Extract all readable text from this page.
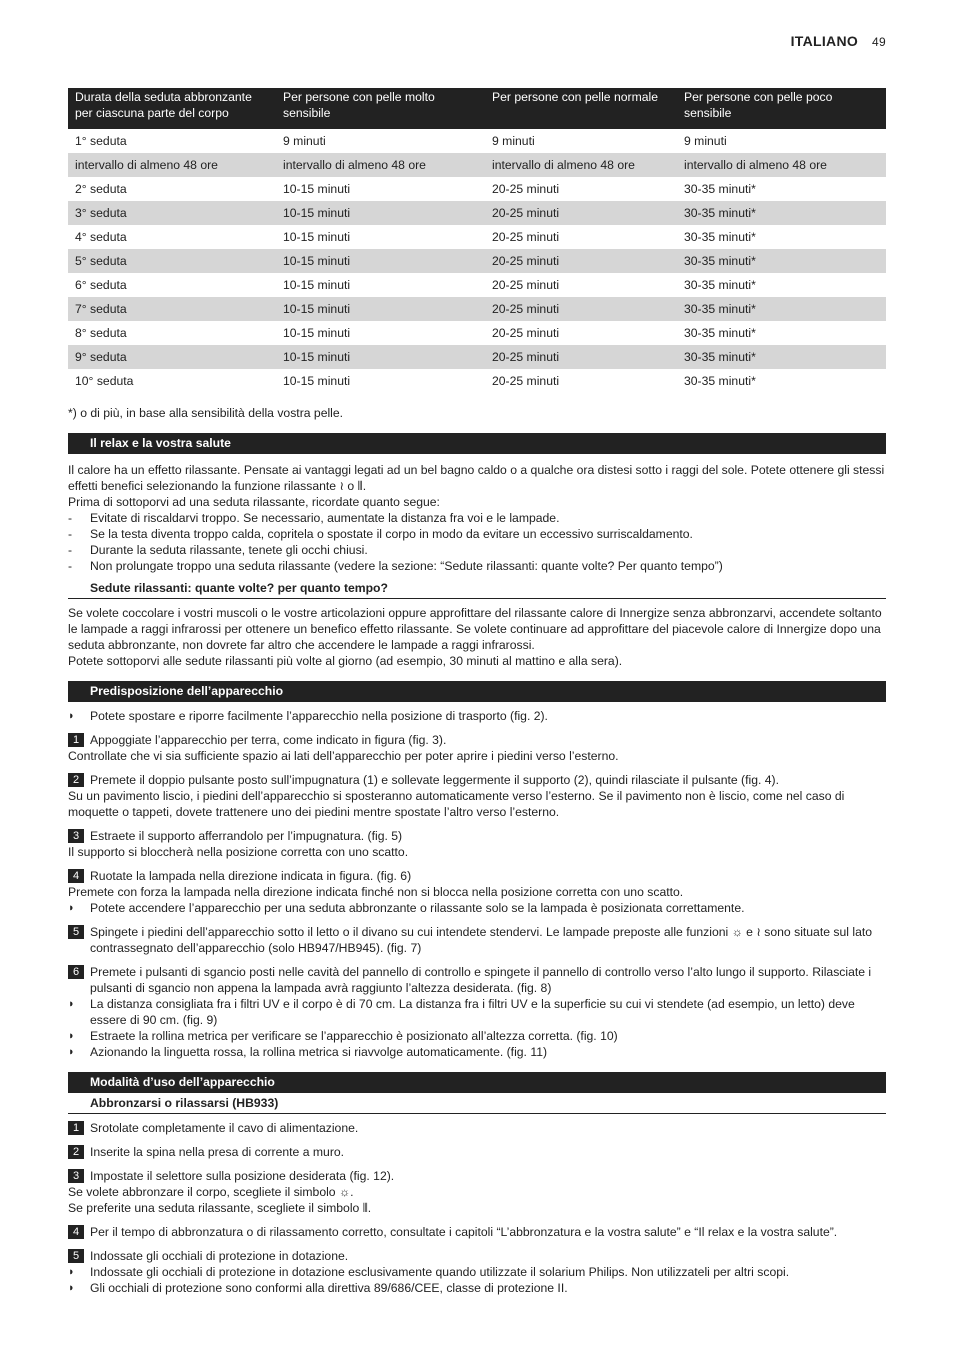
ITALIANO 49
Durata della seduta abbronzante per ciascuna parte del corpo	Per persone con pelle molto sensibile	Per persone con pelle normale	Per persone con pelle poco sensibile
1° seduta	9 minuti	9 minuti	9 minuti
intervallo di almeno 48 ore	intervallo di almeno 48 ore	intervallo di almeno 48 ore	intervallo di almeno 48 ore
2° seduta	10-15 minuti	20-25 minuti	30-35 minuti*
3° seduta	10-15 minuti	20-25 minuti	30-35 minuti*
4° seduta	10-15 minuti	20-25 minuti	30-35 minuti*
5° seduta	10-15 minuti	20-25 minuti	30-35 minuti*
6° seduta	10-15 minuti	20-25 minuti	30-35 minuti*
7° seduta	10-15 minuti	20-25 minuti	30-35 minuti*
8° seduta	10-15 minuti	20-25 minuti	30-35 minuti*
9° seduta	10-15 minuti	20-25 minuti	30-35 minuti*
10° seduta	10-15 minuti	20-25 minuti	30-35 minuti*

*) o di più, in base alla sensibilità della vostra pelle.

Il relax e la vostra salute

Il calore ha un effetto rilassante. Pensate ai vantaggi legati ad un bel bagno caldo o a qualche ora distesi sotto i raggi del sole. Potete ottenere gli stessi effetti benefici selezionando la funzione rilassante ≀ o ⫴.

Prima di sottoporvi ad una seduta rilassante, ricordate quanto segue:

- Evitate di riscaldarvi troppo. Se necessario, aumentate la distanza fra voi e le lampade.
- Se la testa diventa troppo calda, copritela o spostate il corpo in modo da evitare un eccessivo surriscaldamento.
- Durante la seduta rilassante, tenete gli occhi chiusi.
- Non prolungate troppo una seduta rilassante (vedere la sezione: “Sedute rilassanti: quante volte? Per quanto tempo”)
Sedute rilassanti: quante volte? per quanto tempo?

Se volete coccolare i vostri muscoli o le vostre articolazioni oppure approfittare del rilassante calore di Innergize senza abbronzarvi, accendete soltanto le lampade a raggi infrarossi per ottenere un benefico effetto rilassante. Se volete continuare ad approfittare del piacevole calore di Innergize dopo una seduta abbronzante, non dovrete far altro che accendere le lampade a raggi infrarossi.

Potete sottoporvi alle sedute rilassanti più volte al giorno (ad esempio, 30 minuti al mattino e alla sera).

Predisposizione dell’apparecchio
◗ Potete spostare e riporre facilmente l’apparecchio nella posizione di trasporto (fig. 2).
1 Appoggiate l’apparecchio per terra, come indicato in figura (fig. 3).

Controllate che vi sia sufficiente spazio ai lati dell’apparecchio per poter aprire i piedini verso l’esterno.

2 Premete il doppio pulsante posto sull’impugnatura (1) e sollevate leggermente il supporto (2), quindi rilasciate il pulsante (fig. 4).

Su un pavimento liscio, i piedini dell’apparecchio si sposteranno automaticamente verso l’esterno. Se il pavimento non è liscio, come nel caso di moquette o tappeti, dovete trattenere uno dei piedini mentre spostate l’altro verso l’esterno.

3 Estraete il supporto afferrandolo per l’impugnatura. (fig. 5)

Il supporto si bloccherà nella posizione corretta con uno scatto.

4 Ruotate la lampada nella direzione indicata in figura. (fig. 6)

Premete con forza la lampada nella direzione indicata finché non si blocca nella posizione corretta con uno scatto.

◗ Potete accendere l’apparecchio per una seduta abbronzante o rilassante solo se la lampada è posizionata correttamente.
5 Spingete i piedini dell’apparecchio sotto il letto o il divano su cui intendete stendervi. Le lampade preposte alle funzioni ☼ e ≀ sono situate sul lato contrassegnato dell’apparecchio (solo HB947/HB945). (fig. 7)
6 Premete i pulsanti di sgancio posti nelle cavità del pannello di controllo e spingete il pannello di controllo verso l’alto lungo il supporto. Rilasciate i pulsanti di sgancio non appena la lampada avrà raggiunto l’altezza desiderata. (fig. 8)
◗ La distanza consigliata fra i filtri UV e il corpo è di 70 cm. La distanza fra i filtri UV e la superficie su cui vi stendete (ad esempio, un letto) deve essere di 90 cm. (fig. 9)
◗ Estraete la rollina metrica per verificare se l’apparecchio è posizionato all’altezza corretta. (fig. 10)
◗ Azionando la linguetta rossa, la rollina metrica si riavvolge automaticamente. (fig. 11)
Modalità d’uso dell’apparecchio
Abbronzarsi o rilassarsi (HB933)
1 Srotolate completamente il cavo di alimentazione.
2 Inserite la spina nella presa di corrente a muro.
3 Impostate il selettore sulla posizione desiderata (fig. 12).

Se volete abbronzare il corpo, scegliete il simbolo ☼.

Se preferite una seduta rilassante, scegliete il simbolo ⫴.

4 Per il tempo di abbronzatura o di rilassamento corretto, consultate i capitoli “L’abbronzatura e la vostra salute” e “Il relax e la vostra salute”.
5 Indossate gli occhiali di protezione in dotazione.
◗ Indossate gli occhiali di protezione in dotazione esclusivamente quando utilizzate il solarium Philips. Non utilizzateli per altri scopi.
◗ Gli occhiali di protezione sono conformi alla direttiva 89/686/CEE, classe di protezione II.
